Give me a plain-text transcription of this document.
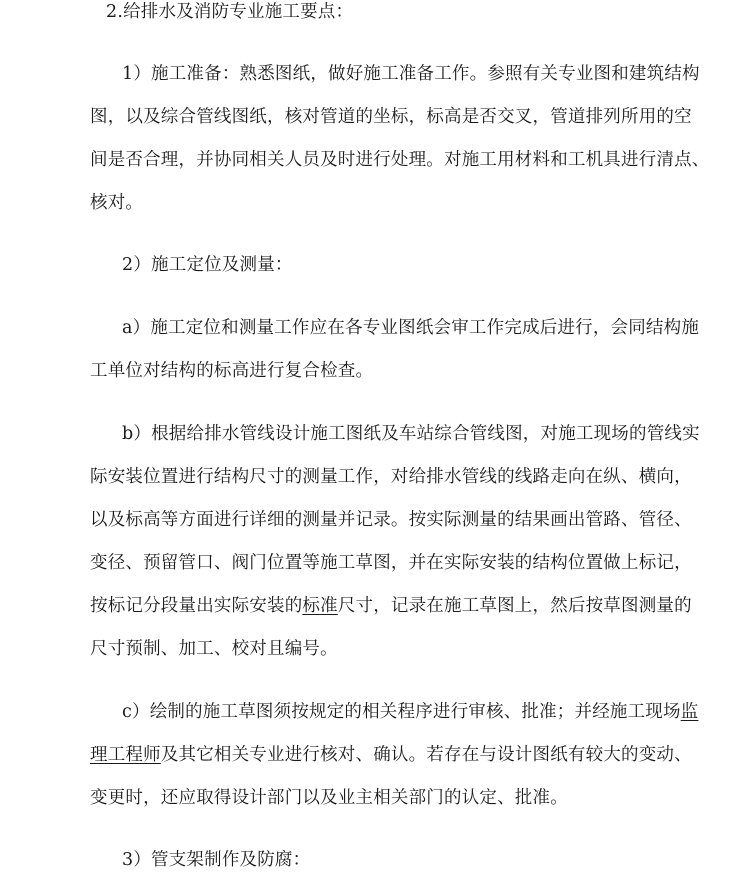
2.给排水及消防专业施工要点：
1）施工准备：熟悉图纸，做好施工准备工作。参照有关专业图和建筑结构
图，以及综合管线图纸，核对管道的坐标，标高是否交叉，管道排列所用的空
间是否合理，并协同相关人员及时进行处理。对施工用材料和工机具进行清点、
核对。
2）施工定位及测量：
a）施工定位和测量工作应在各专业图纸会审工作完成后进行，会同结构施
工单位对结构的标高进行复合检查。
b）根据给排水管线设计施工图纸及车站综合管线图，对施工现场的管线实
际安装位置进行结构尺寸的测量工作，对给排水管线的线路走向在纵、横向，
以及标高等方面进行详细的测量并记录。按实际测量的结果画出管路、管径、
变径、预留管口、阀门位置等施工草图，并在实际安装的结构位置做上标记，
按标记分段量出实际安装的标准尺寸，记录在施工草图上，然后按草图测量的
尺寸预制、加工、校对且编号。
c）绘制的施工草图须按规定的相关程序进行审核、批准；并经施工现场监
理工程师及其它相关专业进行核对、确认。若存在与设计图纸有较大的变动、
变更时，还应取得设计部门以及业主相关部门的认定、批准。
3）管支架制作及防腐：
